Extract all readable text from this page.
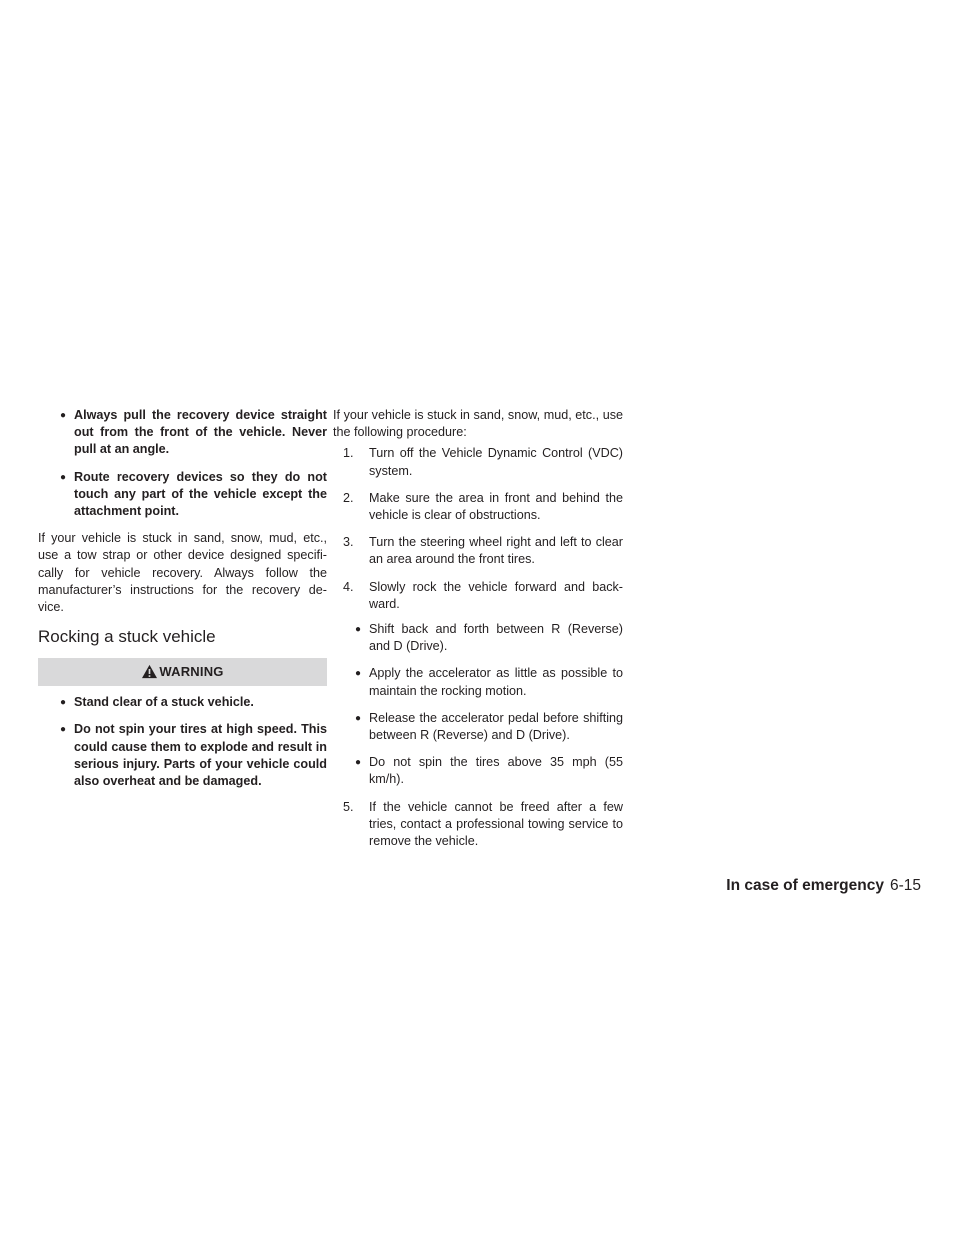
● Always pull the recovery device straight out from the front of the vehicle. Never pull at an angle.
● Route recovery devices so they do not touch any part of the vehicle except the attachment point.

If your vehicle is stuck in sand, snow, mud, etc., use a tow strap or other device designed specifi- cally for vehicle recovery. Always follow the manufacturer’s instructions for the recovery de- vice.

Rocking a stuck vehicle
WARNING
● Stand clear of a stuck vehicle.
● Do not spin your tires at high speed. This could cause them to explode and result in serious injury. Parts of your vehicle could also overheat and be damaged.

If your vehicle is stuck in sand, snow, mud, etc., use the following procedure:

1. Turn off the Vehicle Dynamic Control (VDC) system.
2. Make sure the area in front and behind the vehicle is clear of obstructions.
3. Turn the steering wheel right and left to clear an area around the front tires.
4. Slowly rock the vehicle forward and back- ward.
● Shift back and forth between R (Reverse) and D (Drive).
● Apply the accelerator as little as possible to maintain the rocking motion.
● Release the accelerator pedal before shifting between R (Reverse) and D (Drive).
● Do not spin the tires above 35 mph (55 km/h).
5. If the vehicle cannot be freed after a few tries, contact a professional towing service to remove the vehicle.
In case of emergency 6-15
